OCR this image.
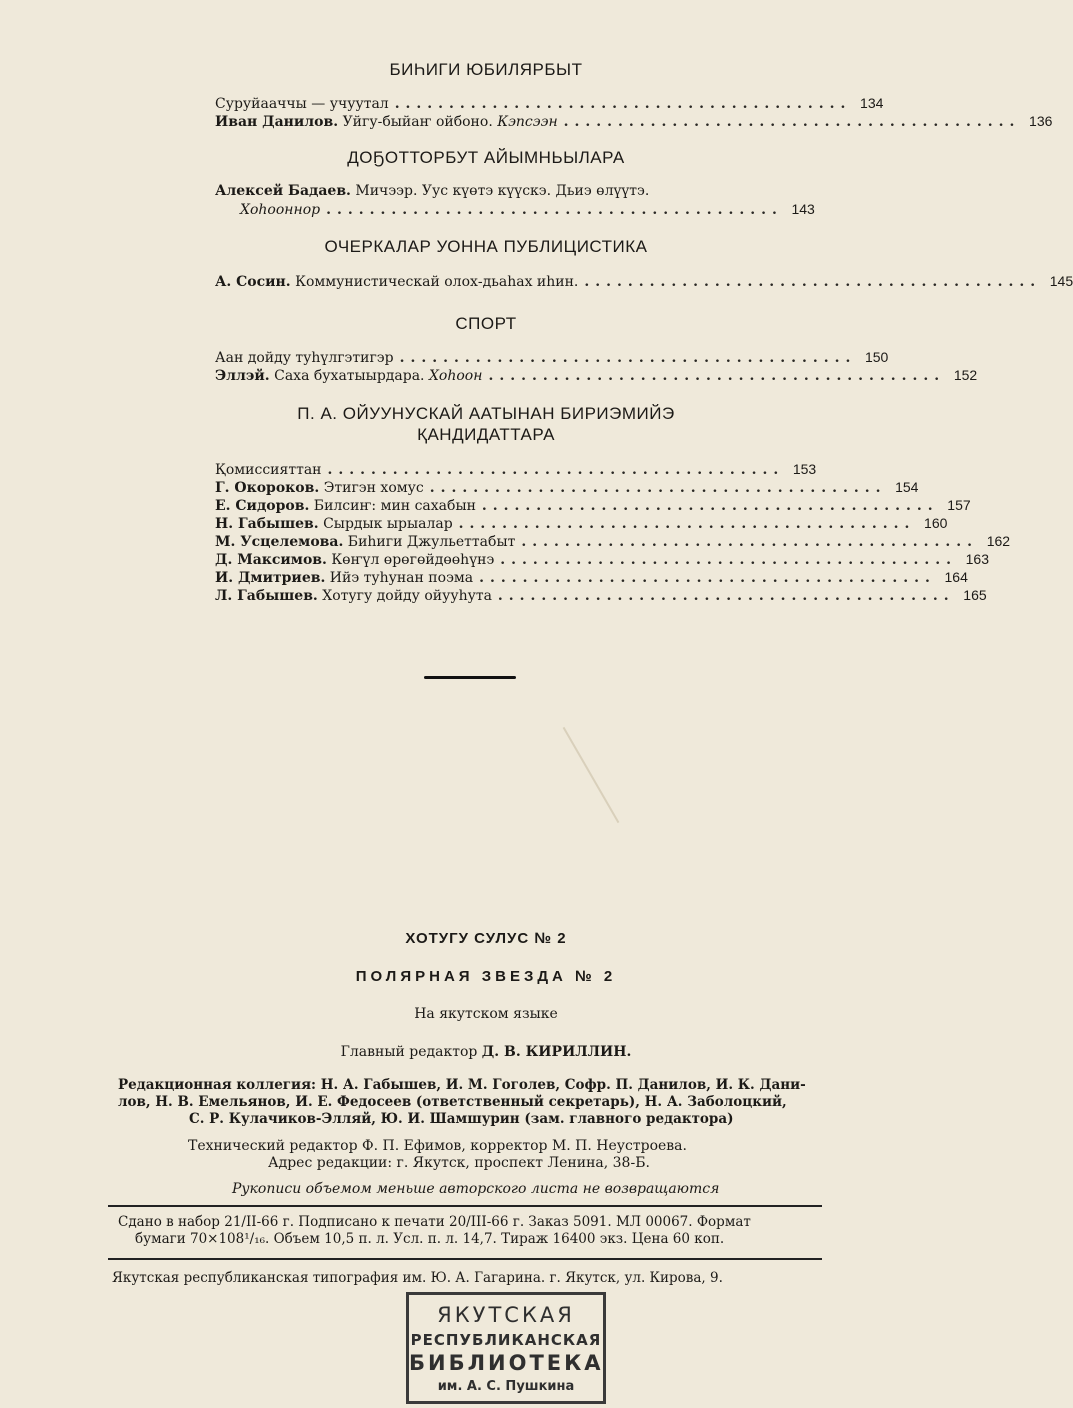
БИҺИГИ ЮБИЛЯРБЫТ
Суруйааччы — учуутал .......................................... 134
Иван Данилов.
Уйгу-быйаҥ ойбоно.
Кэпсээн .......................................... 136
ДОҔОТТОРБУТ АЙЫМНЬЫЛАРА
Алексей Бадаев.
Мичээр. Уус күөтэ күүскэ. Дьиэ өлүүтэ.
Хоһооннор .......................................... 143
ОЧЕРКАЛАР УОННА ПУБЛИЦИСТИКА
А. Сосин.
Коммунистическай олох-дьаһах иһин. .......................................... 145
СПОРТ
Аан дойду туһүлгэтигэр .......................................... 150
Эллэй.
Саха бухатыырдара.
Хоһоон .......................................... 152
П. А. ОЙУУНУСКАЙ ААТЫНАН БИРИЭМИЙЭ
ҚАНДИДАТТАРА
Қомиссияттан .......................................... 153
Г. Окороков.
Этигэн хомус .......................................... 154
Е. Сидоров.
Билсиҥ: мин сахабын .......................................... 157
Н. Габышев.
Сырдык ырыалар .......................................... 160
М. Усцелемова.
Биһиги Джульеттабыт .......................................... 162
Д. Максимов.
Көҥүл өрөгөйдөөһүнэ .......................................... 163
И. Дмитриев.
Ийэ туһунан поэма .......................................... 164
Л. Габышев.
Хотугу дойду ойууһута .......................................... 165
ХОТУГУ СУЛУС № 2
ПОЛЯРНАЯ ЗВЕЗДА № 2
На якутском языке
Главный редактор Д. В. КИРИЛЛИН.
Редакционная коллегия: Н. А. Габышев, И. М. Гоголев, Софр. П. Данилов, И. К. Дани-
лов, Н. В. Емельянов, И. Е. Федосеев (ответственный секретарь), Н. А. Заболоцкий,
С. Р. Кулачиков-Элляй, Ю. И. Шамшурин (зам. главного редактора)
Технический редактор Ф. П. Ефимов, корректор М. П. Неустроева.
Адрес редакции: г. Якутск, проспект Ленина, 38-Б.
Рукописи объемом меньше авторского листа не возвращаются
Сдано в набор 21/II-66 г. Подписано к печати 20/III-66 г. Заказ 5091. МЛ 00067. Формат
бумаги 70×108¹/₁₆. Объем 10,5 п. л. Усл. п. л. 14,7. Тираж 16400 экз. Цена 60 коп.
Якутская республиканская типография им. Ю. А. Гагарина. г. Якутск, ул. Кирова, 9.
ЯКУТСКАЯ
РЕСПУБЛИКАНСКАЯ
БИБЛИОТЕКА
им. А. С. Пушкина
